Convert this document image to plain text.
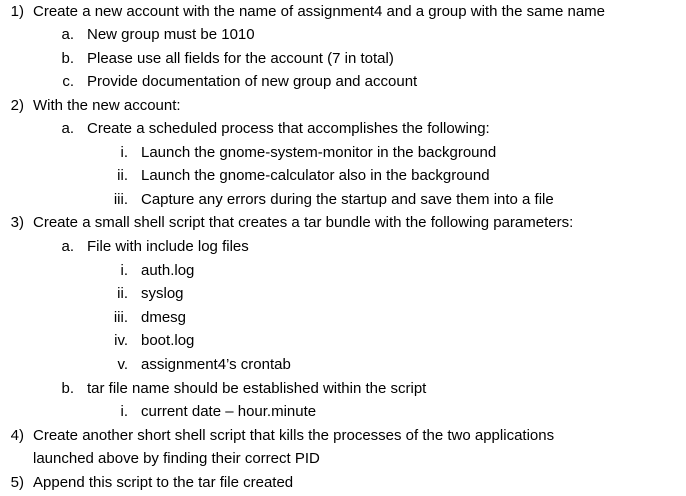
1) Create a new account with the name of assignment4 and a group with the same name
a. New group must be 1010
b. Please use all fields for the account (7 in total)
c. Provide documentation of new group and account
2) With the new account:
a. Create a scheduled process that accomplishes the following:
i. Launch the gnome-system-monitor in the background
ii. Launch the gnome-calculator also in the background
iii. Capture any errors during the startup and save them into a file
3) Create a small shell script that creates a tar bundle with the following parameters:
a. File with include log files
i. auth.log
ii. syslog
iii. dmesg
iv. boot.log
v. assignment4’s crontab
b. tar file name should be established within the script
i. current date – hour.minute
4) Create another short shell script that kills the processes of the two applications
launched above by finding their correct PID
5) Append this script to the tar file created
